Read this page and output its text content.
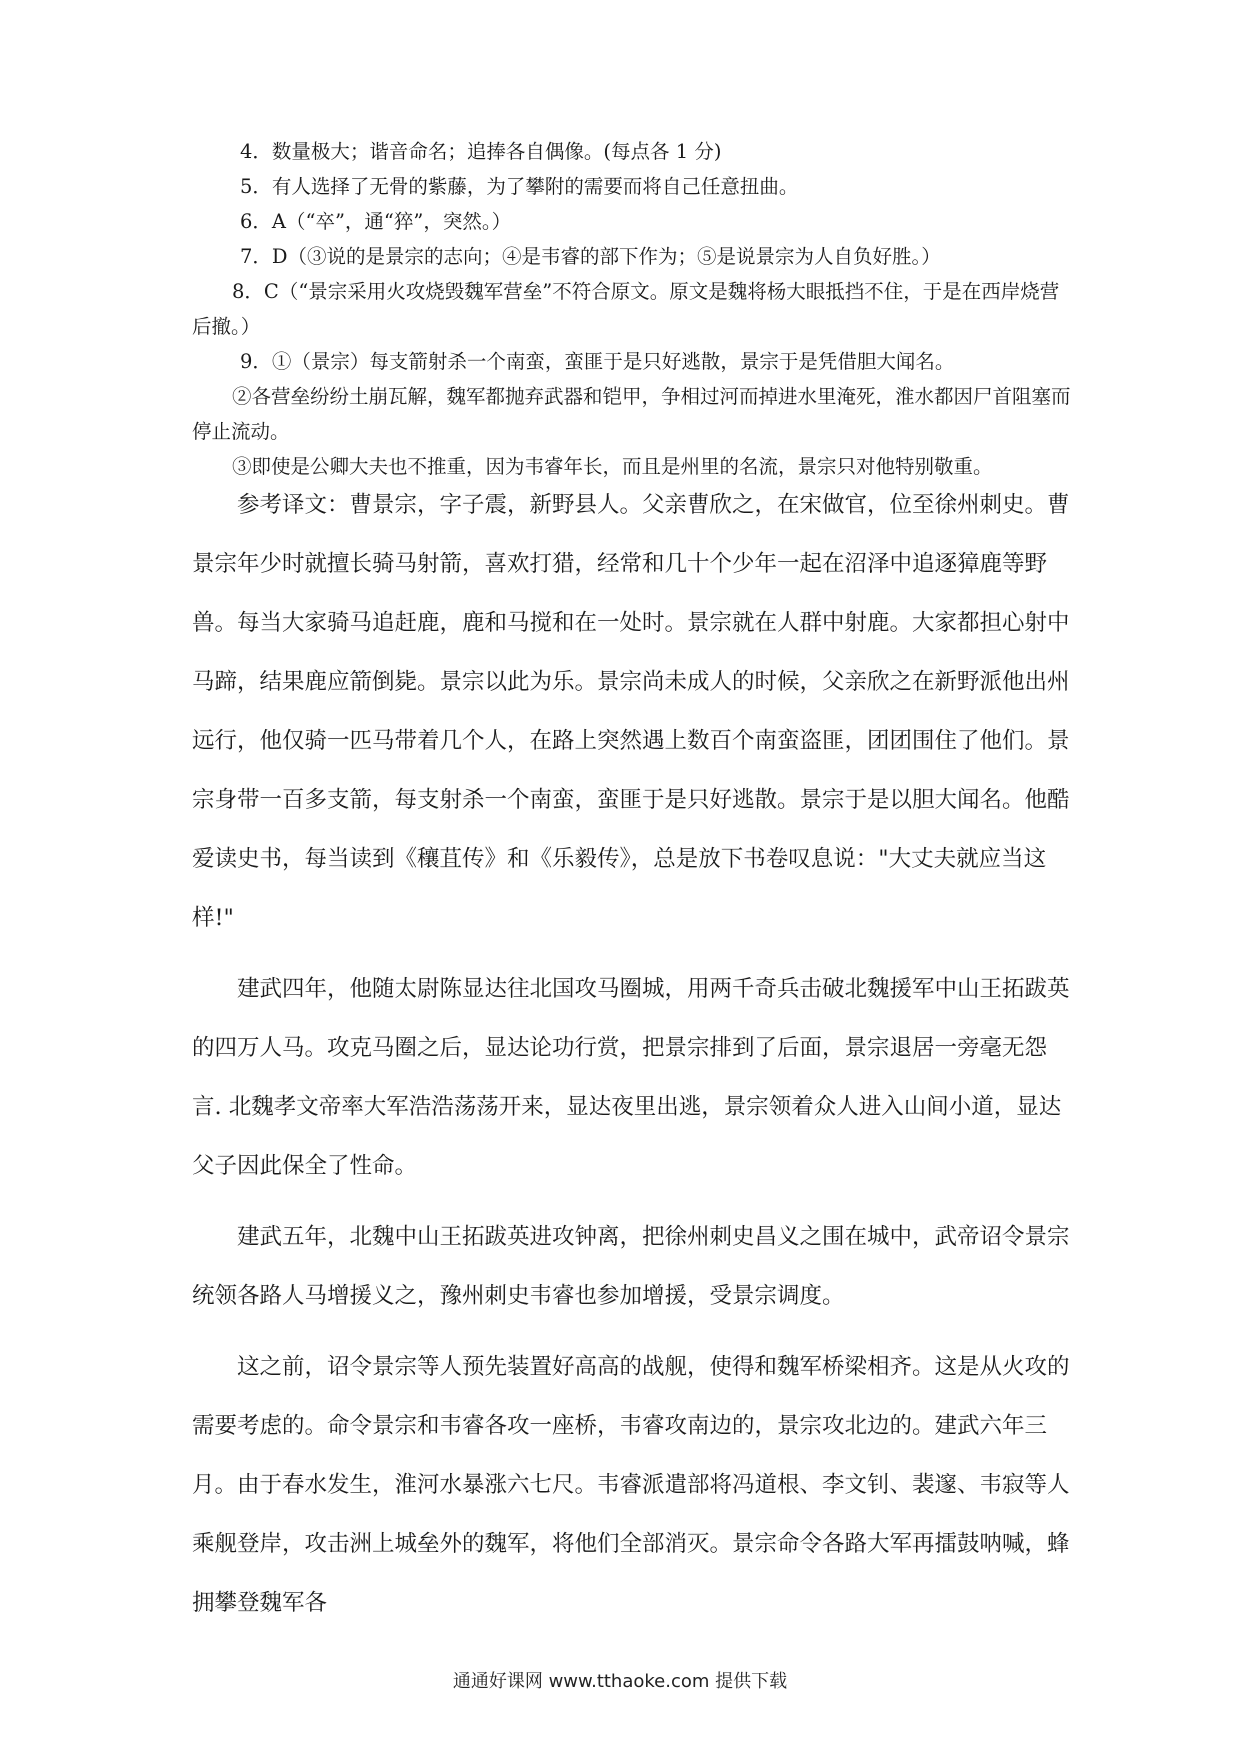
4．数量极大；谐音命名；追捧各自偶像。(每点各 1 分)

5．有人选择了无骨的紫藤，为了攀附的需要而将自己任意扭曲。

6．A（“卒”，通“猝”，突然。）

7．D（③说的是景宗的志向；④是韦睿的部下作为；⑤是说景宗为人自负好胜。）

8．C（“景宗采用火攻烧毁魏军营垒”不符合原文。原文是魏将杨大眼抵挡不住，于是在西岸烧营后撤。）

9．①（景宗）每支箭射杀一个南蛮，蛮匪于是只好逃散，景宗于是凭借胆大闻名。

②各营垒纷纷土崩瓦解，魏军都抛弃武器和铠甲，争相过河而掉进水里淹死，淮水都因尸首阻塞而停止流动。

③即使是公卿大夫也不推重，因为韦睿年长，而且是州里的名流，景宗只对他特别敬重。

参考译文：曹景宗，字子震，新野县人。父亲曹欣之，在宋做官，位至徐州刺史。曹景宗年少时就擅长骑马射箭，喜欢打猎，经常和几十个少年一起在沼泽中追逐獐鹿等野兽。每当大家骑马追赶鹿，鹿和马搅和在一处时。景宗就在人群中射鹿。大家都担心射中马蹄，结果鹿应箭倒毙。景宗以此为乐。景宗尚未成人的时候，父亲欣之在新野派他出州远行，他仅骑一匹马带着几个人，在路上突然遇上数百个南蛮盗匪，团团围住了他们。景宗身带一百多支箭，每支射杀一个南蛮，蛮匪于是只好逃散。景宗于是以胆大闻名。他酷爱读史书，每当读到《穰苴传》和《乐毅传》，总是放下书卷叹息说："大丈夫就应当这样!"

建武四年，他随太尉陈显达往北国攻马圈城，用两千奇兵击破北魏援军中山王拓跋英的四万人马。攻克马圈之后，显达论功行赏，把景宗排到了后面，景宗退居一旁毫无怨言. 北魏孝文帝率大军浩浩荡荡开来，显达夜里出逃，景宗领着众人进入山间小道，显达父子因此保全了性命。

建武五年，北魏中山王拓跋英进攻钟离，把徐州刺史昌义之围在城中，武帝诏令景宗统领各路人马增援义之，豫州刺史韦睿也参加增援，受景宗调度。

这之前，诏令景宗等人预先装置好高高的战舰，使得和魏军桥梁相齐。这是从火攻的需要考虑的。命令景宗和韦睿各攻一座桥，韦睿攻南边的，景宗攻北边的。建武六年三月。由于春水发生，淮河水暴涨六七尺。韦睿派遣部将冯道根、李文钊、裴邃、韦寂等人乘舰登岸，攻击洲上城垒外的魏军，将他们全部消灭。景宗命令各路大军再擂鼓呐喊，蜂拥攀登魏军各

通通好课网 www.tthaoke.com 提供下载
